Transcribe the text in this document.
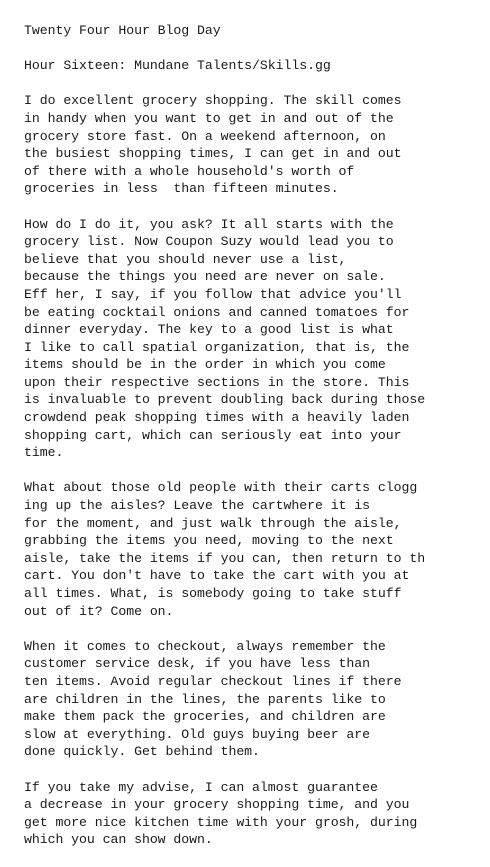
Twenty Four Hour Blog Day
Hour Sixteen: Mundane Talents/Skills.gg
I do excellent grocery shopping. The skill comes
in handy when you want to get in and out of the
grocery store fast. On a weekend afternoon, on
the busiest shopping times, I can get in and out
of there with a whole household's worth of
groceries in less  than fifteen minutes.
How do I do it, you ask? It all starts with the
grocery list. Now Coupon Suzy would lead you to
believe that you should never use a list,
because the things you need are never on sale.
Eff her, I say, if you follow that advice you'll
be eating cocktail onions and canned tomatoes for
dinner everyday. The key to a good list is what
I like to call spatial organization, that is, the
items should be in the order in which you come
upon their respective sections in the store. This
is invaluable to prevent doubling back during those
crowdend peak shopping times with a heavily laden
shopping cart, which can seriously eat into your
time.
What about those old people with their carts clogg
ing up the aisles? Leave the cartwhere it is
for the moment, and just walk through the aisle,
grabbing the items you need, moving to the next
aisle, take the items if you can, then return to th
cart. You don't have to take the cart with you at
all times. What, is somebody going to take stuff
out of it? Come on.
When it comes to checkout, always remember the
customer service desk, if you have less than
ten items. Avoid regular checkout lines if there
are children in the lines, the parents like to
make them pack the groceries, and children are
slow at everything. Old guys buying beer are
done quickly. Get behind them.
If you take my advise, I can almost guarantee
a decrease in your grocery shopping time, and you
get more nice kitchen time with your grosh, during
which you can show down.
